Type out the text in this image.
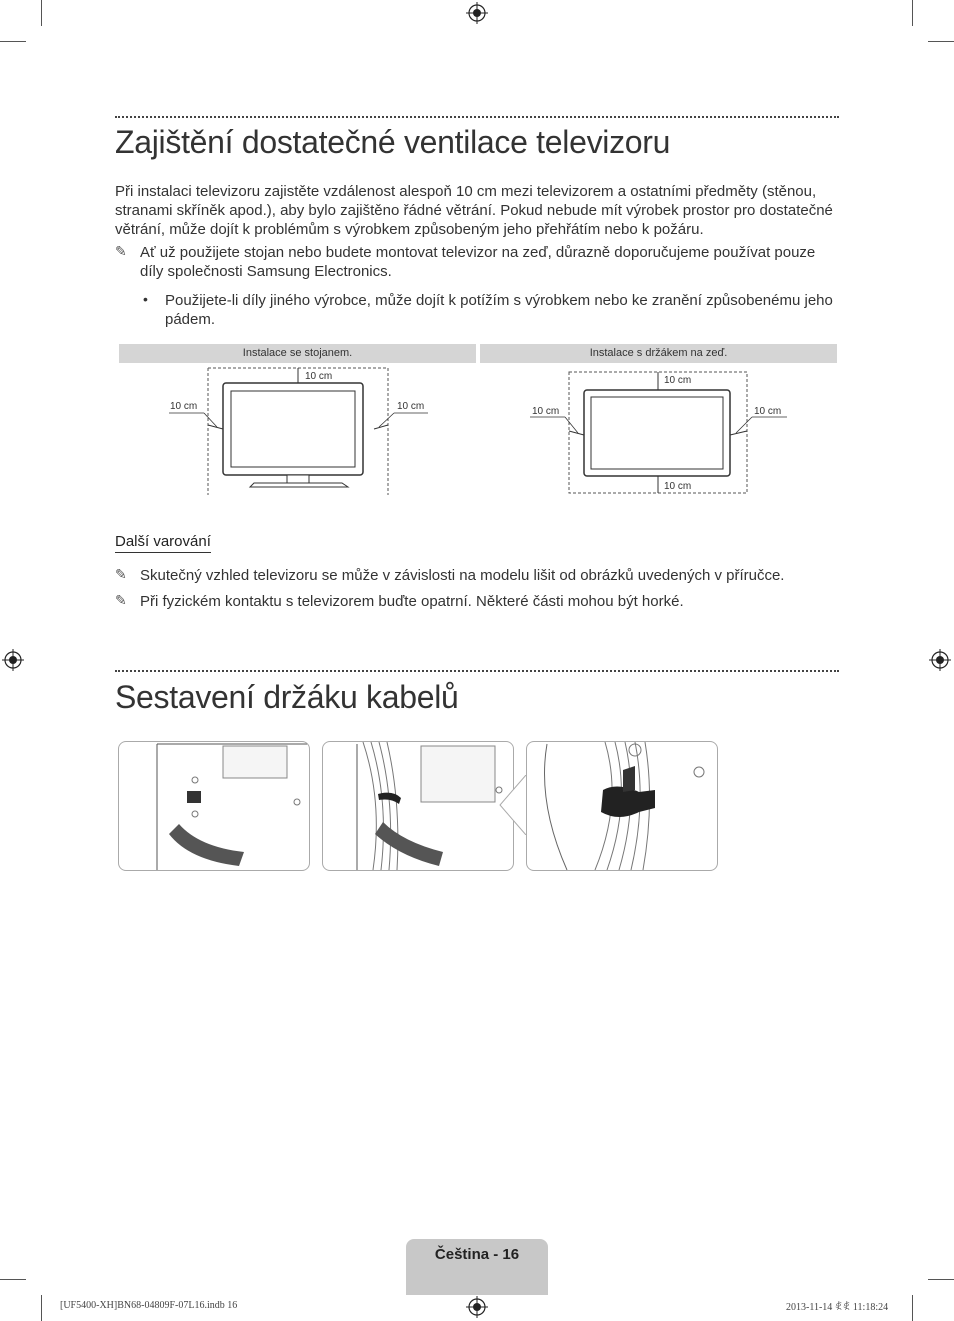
Zajištění dostatečné ventilace televizoru

Při instalaci televizoru zajistěte vzdálenost alespoň 10 cm mezi televizorem a ostatními předměty (stěnou, stranami skříněk apod.), aby bylo zajištěno řádné větrání. Pokud nebude mít výrobek prostor pro dostatečné větrání, může dojít k problémům s výrobkem způsobeným jeho přehřátím nebo k požáru.

✎ Ať už použijete stojan nebo budete montovat televizor na zeď, důrazně doporučujeme používat pouze díly společnosti Samsung Electronics.

• Použijete-li díly jiného výrobce, může dojít k potížím s výrobkem nebo ke zranění způsobenému jeho pádem.

Instalace se stojanem.	Instalace s držákem na zeď.
10 cm
10 cm	10 cm
10 cm
10 cm	10 cm
10 cm
Další varování
✎ Skutečný vzhled televizoru se může v závislosti na modelu lišit od obrázků uvedených v příručce.

✎ Při fyzickém kontaktu s televizorem buďte opatrní. Některé části mohou být horké.

Sestavení držáku kabelů
Čeština - 16
[UF5400-XH]BN68-04809F-07L16.indb 16	2013-11-14 ꈅꈅ 11:18:24
